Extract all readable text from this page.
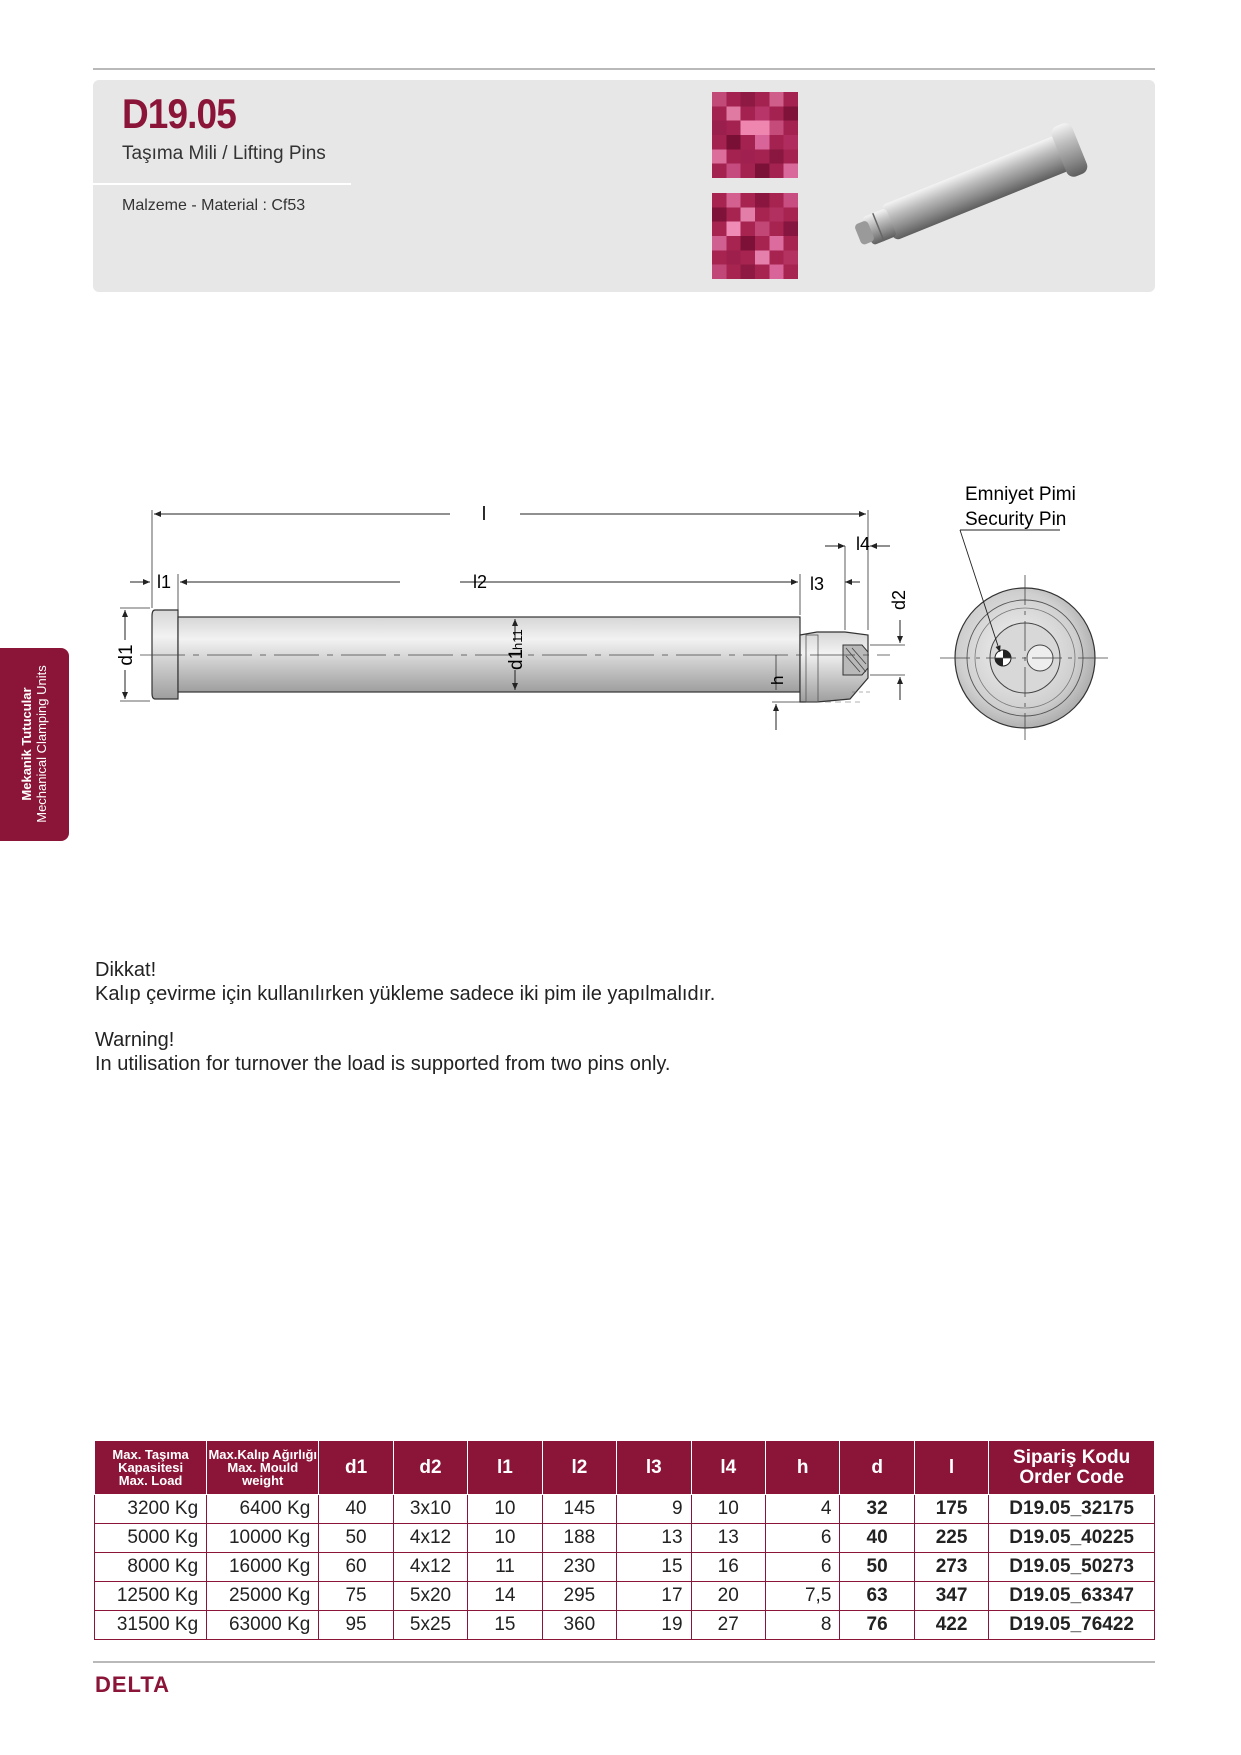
D19.05
Taşıma Mili / Lifting Pins
Malzeme - Material : Cf53
Mekanik Tutucular Mechanical Clamping Units
l
l4
l1	l2	l3
d1	d1
h11
d2
h
Emniyet Pimi
Security Pin

Dikkat!

Kalıp çevirme için kullanılırken yükleme sadece iki pim ile yapılmalıdır.

Warning!

In utilisation for turnover the load is supported from two pins only.

Max. Taşıma
Kapasitesi
Max. Load	Max.Kalıp Ağırlığı
Max. Mould
weight	d1	d2	l1	l2	l3	l4	h	d	l	Sipariş Kodu
Order Code
3200 Kg	6400 Kg	40	3x10	10	145	9	10	4	32	175	D19.05_32175
5000 Kg	10000 Kg	50	4x12	10	188	13	13	6	40	225	D19.05_40225
8000 Kg	16000 Kg	60	4x12	11	230	15	16	6	50	273	D19.05_50273
12500 Kg	25000 Kg	75	5x20	14	295	17	20	7,5	63	347	D19.05_63347
31500 Kg	63000 Kg	95	5x25	15	360	19	27	8	76	422	D19.05_76422
DELTA
